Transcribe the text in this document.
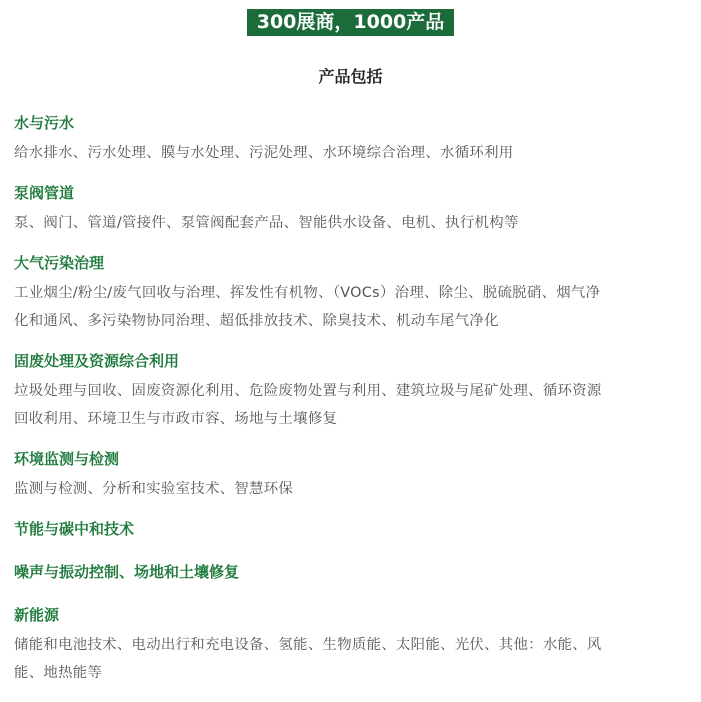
300展商，1000产品
产品包括
水与污水
给水排水、污水处理、膜与水处理、污泥处理、水环境综合治理、水循环利用
泵阀管道
泵、阀门、管道/管接件、泵管阀配套产品、智能供水设备、电机、执行机构等
大气污染治理
工业烟尘/粉尘/废气回收与治理、挥发性有机物、（VOCs）治理、除尘、脱硫脱硝、烟气净
化和通风、多污染物协同治理、超低排放技术、除臭技术、机动车尾气净化
固废处理及资源综合利用
垃圾处理与回收、固废资源化利用、危险废物处置与利用、建筑垃圾与尾矿处理、循环资源
回收利用、环境卫生与市政市容、场地与土壤修复
环境监测与检测
监测与检测、分析和实验室技术、智慧环保
节能与碳中和技术
噪声与振动控制、场地和土壤修复
新能源
储能和电池技术、电动出行和充电设备、氢能、生物质能、太阳能、光伏、其他：水能、风
能、地热能等
